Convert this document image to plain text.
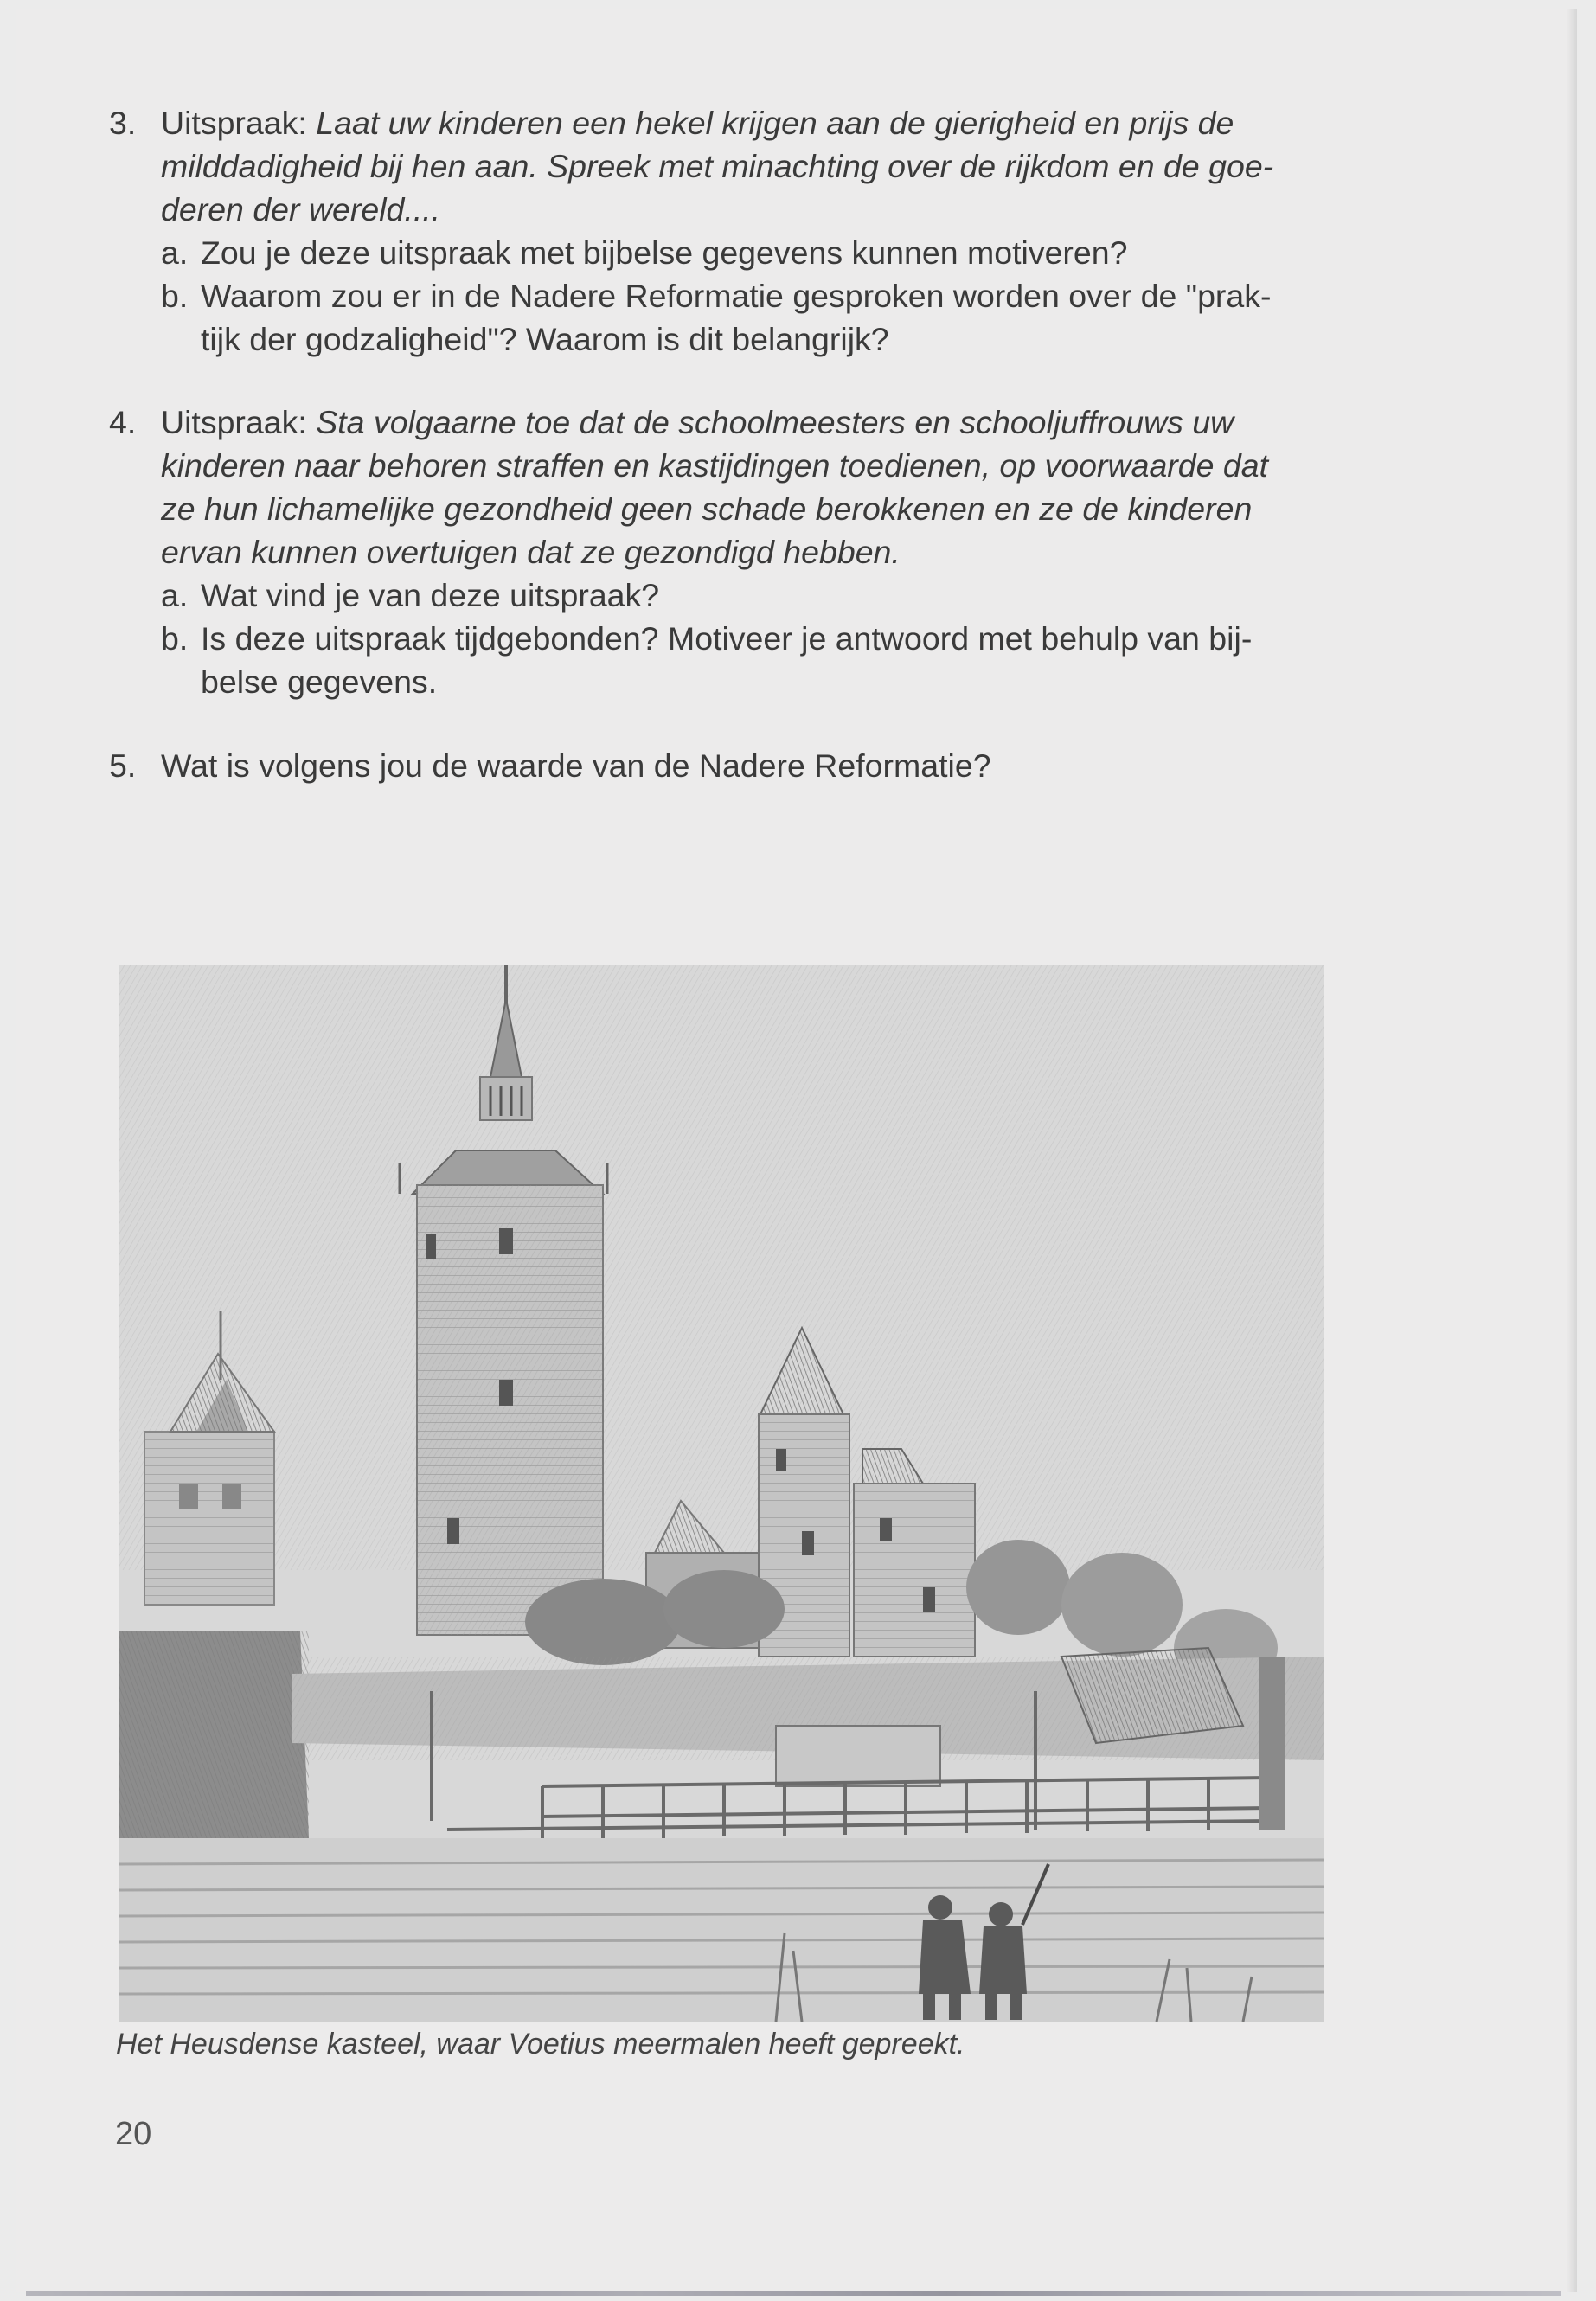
3. Uitspraak: Laat uw kinderen een hekel krijgen aan de gierigheid en prijs de
milddadigheid bij hen aan. Spreek met minachting over de rijkdom en de goe-
deren der wereld....
a. Zou je deze uitspraak met bijbelse gegevens kunnen motiveren?
b. Waarom zou er in de Nadere Reformatie gesproken worden over de "prak-
tijk der godzaligheid"? Waarom is dit belangrijk?
4. Uitspraak: Sta volgaarne toe dat de schoolmeesters en schooljuffrouws uw
kinderen naar behoren straffen en kastijdingen toedienen, op voorwaarde dat
ze hun lichamelijke gezondheid geen schade berokkenen en ze de kinderen
ervan kunnen overtuigen dat ze gezondigd hebben.
a. Wat vind je van deze uitspraak?
b. Is deze uitspraak tijdgebonden? Motiveer je antwoord met behulp van bij-
belse gegevens.
5. Wat is volgens jou de waarde van de Nadere Reformatie?
Het Heusdense kasteel, waar Voetius meermalen heeft gepreekt.
20
